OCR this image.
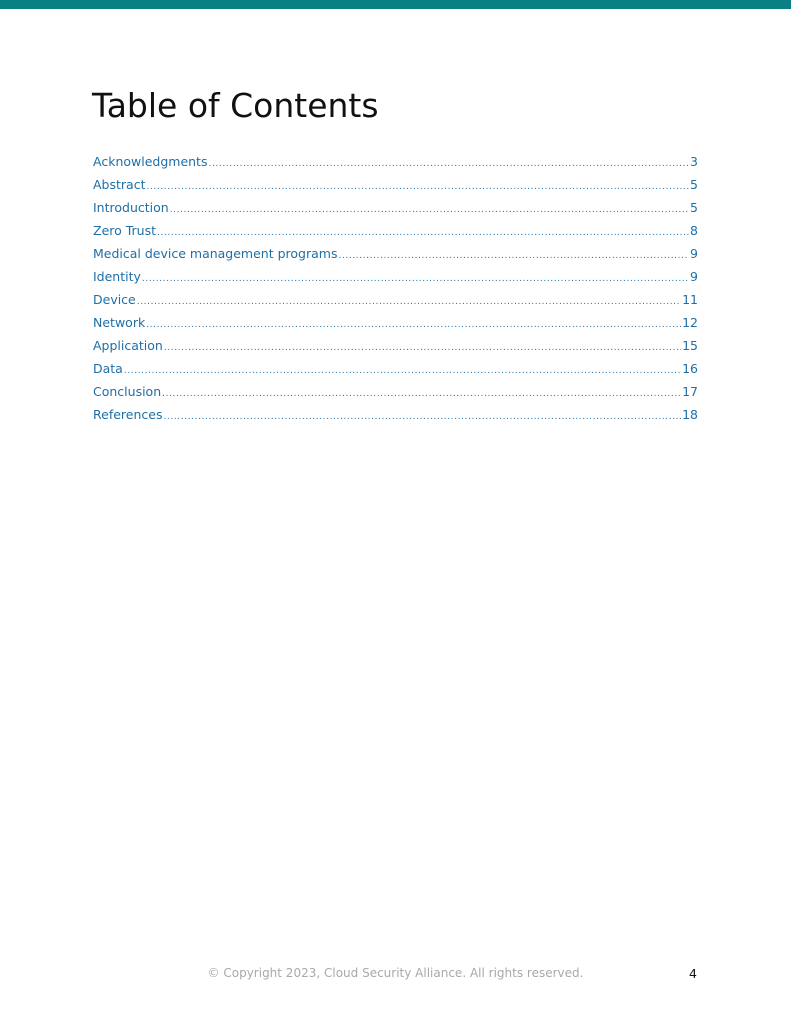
Table of Contents
Acknowledgments .....	3
Abstract .....	5
Introduction .....	5
Zero Trust .....	8
Medical device management programs .....	9
Identity .....	9
Device .....	11
Network .....	12
Application .....	15
Data .....	16
Conclusion .....	17
References .....	18
© Copyright 2023, Cloud Security Alliance. All rights reserved.	4
